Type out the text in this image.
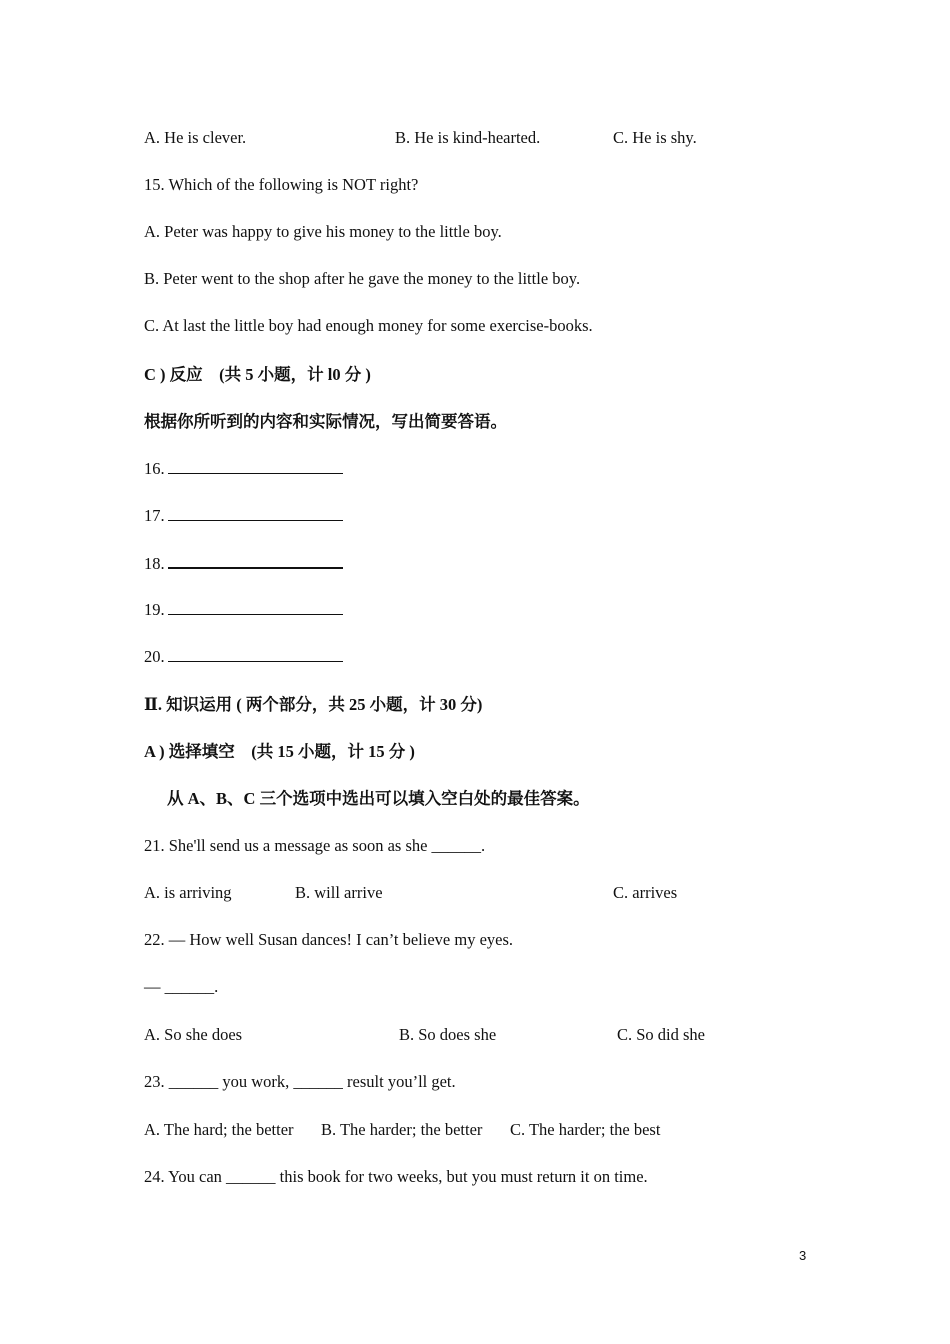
A. He is clever.	B. He is kind-hearted.	C. He is shy.
15. Which of the following is NOT right?
A. Peter was happy to give his money to the little boy.
B. Peter went to the shop after he gave the money to the little boy.
C. At last the little boy had enough money for some exercise-books.
C ) 反应　(共 5 小题，计 l0 分 )
根据你所听到的内容和实际情况，写出简要答语。
16.
17.
18.
19.
20.
Ⅱ. 知识运用 ( 两个部分，共 25 小题，计 30 分)
A ) 选择填空　(共 15 小题，计 15 分 )
从 A、B、C 三个选项中选出可以填入空白处的最佳答案。
21. She'll send us a message as soon as she ______.
A. is arriving	B. will arrive	C. arrives
22. — How well Susan dances! I can’t believe my eyes.
— ______.
A. So she does	B. So does she	C. So did she
23. ______ you work, ______ result you’ll get.
A. The hard; the better B. The harder; the better C. The harder; the best
24. You can ______ this book for two weeks, but you must return it on time.
3
